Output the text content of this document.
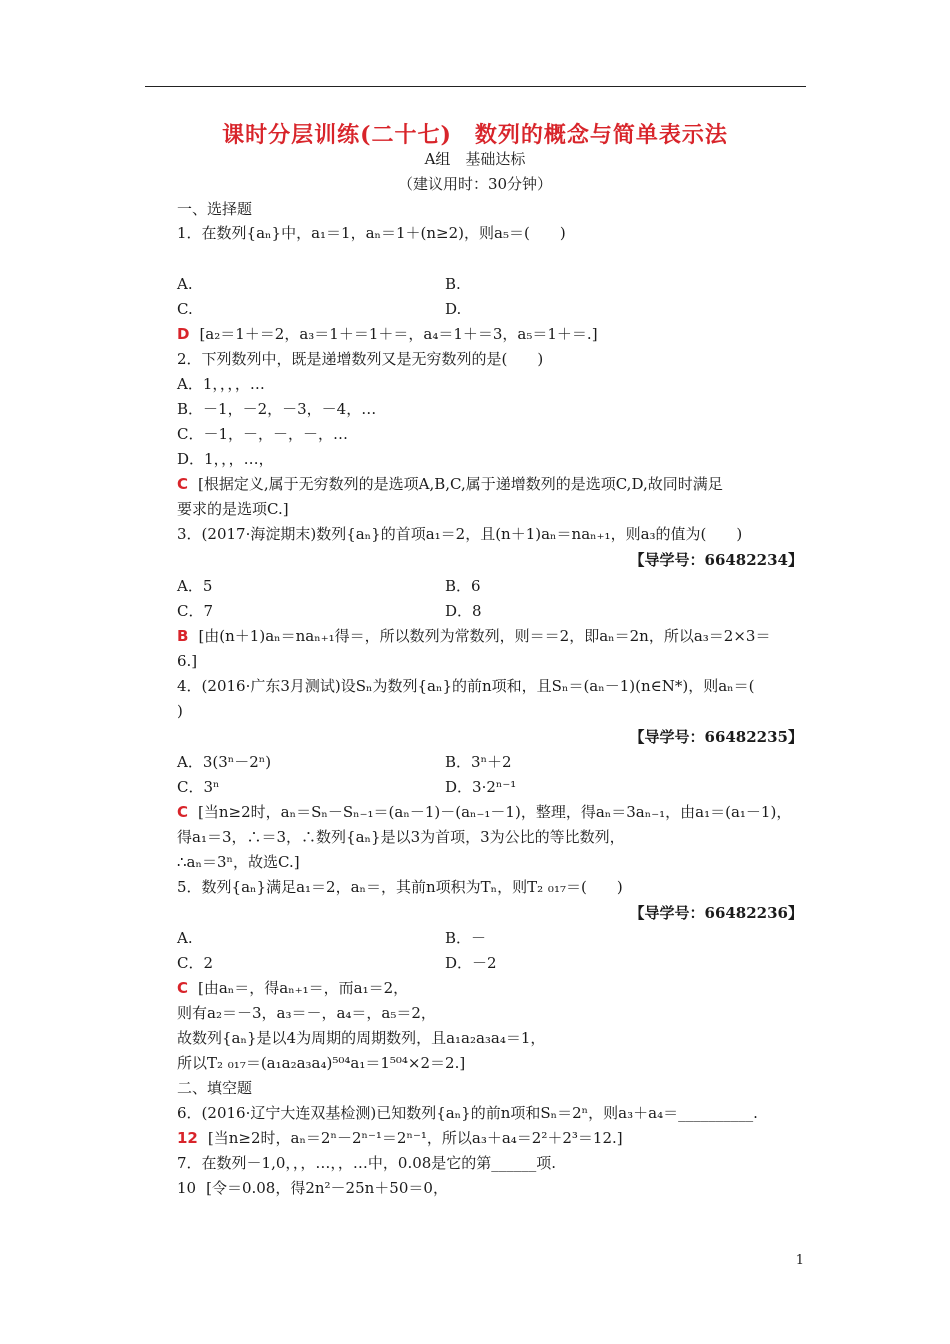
课时分层训练(二十七)　数列的概念与简单表示法
A组　基础达标
（建议用时：30分钟）
一、选择题
1．在数列{aₙ}中，a₁＝1，aₙ＝1＋(n≥2)，则a₅＝(　　)
A.	B.
C.	D.
D [a₂＝1＋＝2，a₃＝1＋＝1＋＝，a₄＝1＋＝3，a₅＝1＋＝.]
2．下列数列中，既是递增数列又是无穷数列的是(　　)
A．1，，，，…
B．－1，－2，－3，－4，…
C．－1，－，－，－，…
D．1，，，…，
C [根据定义,属于无穷数列的是选项A,B,C,属于递增数列的是选项C,D,故同时满足
要求的是选项C.]
3．(2017·海淀期末)数列{aₙ}的首项a₁＝2，且(n＋1)aₙ＝naₙ₊₁，则a₃的值为(　　)
【导学号：66482234】
A．5	B．6
C．7	D．8
B [由(n＋1)aₙ＝naₙ₊₁得＝，所以数列为常数列，则＝＝2，即aₙ＝2n，所以a₃＝2×3＝
6.]
4．(2016·广东3月测试)设Sₙ为数列{aₙ}的前n项和，且Sₙ＝(aₙ－1)(n∈N*)，则aₙ＝(
)
【导学号：66482235】
A．3(3ⁿ－2ⁿ)	B．3ⁿ＋2
C．3ⁿ	D．3·2ⁿ⁻¹
C [当n≥2时，aₙ＝Sₙ－Sₙ₋₁＝(aₙ－1)－(aₙ₋₁－1)，整理，得aₙ＝3aₙ₋₁，由a₁＝(a₁－1)，
得a₁＝3，∴＝3，∴数列{aₙ}是以3为首项，3为公比的等比数列，
∴aₙ＝3ⁿ，故选C.]
5．数列{aₙ}满足a₁＝2，aₙ＝，其前n项积为Tₙ，则T₂ ₀₁₇＝(　　)
【导学号：66482236】
A.	B．－
C．2	D．－2
C [由aₙ＝，得aₙ₊₁＝，而a₁＝2，
则有a₂＝－3，a₃＝－，a₄＝，a₅＝2，
故数列{aₙ}是以4为周期的周期数列，且a₁a₂a₃a₄＝1，
所以T₂ ₀₁₇＝(a₁a₂a₃a₄)⁵⁰⁴a₁＝1⁵⁰⁴×2＝2.]
二、填空题
6．(2016·辽宁大连双基检测)已知数列{aₙ}的前n项和Sₙ＝2ⁿ，则a₃＋a₄＝__________.
12 [当n≥2时，aₙ＝2ⁿ－2ⁿ⁻¹＝2ⁿ⁻¹，所以a₃＋a₄＝2²＋2³＝12.]
7．在数列－1,0，，，…，，…中，0.08是它的第______项.
10 [令＝0.08，得2n²－25n＋50＝0，
1
